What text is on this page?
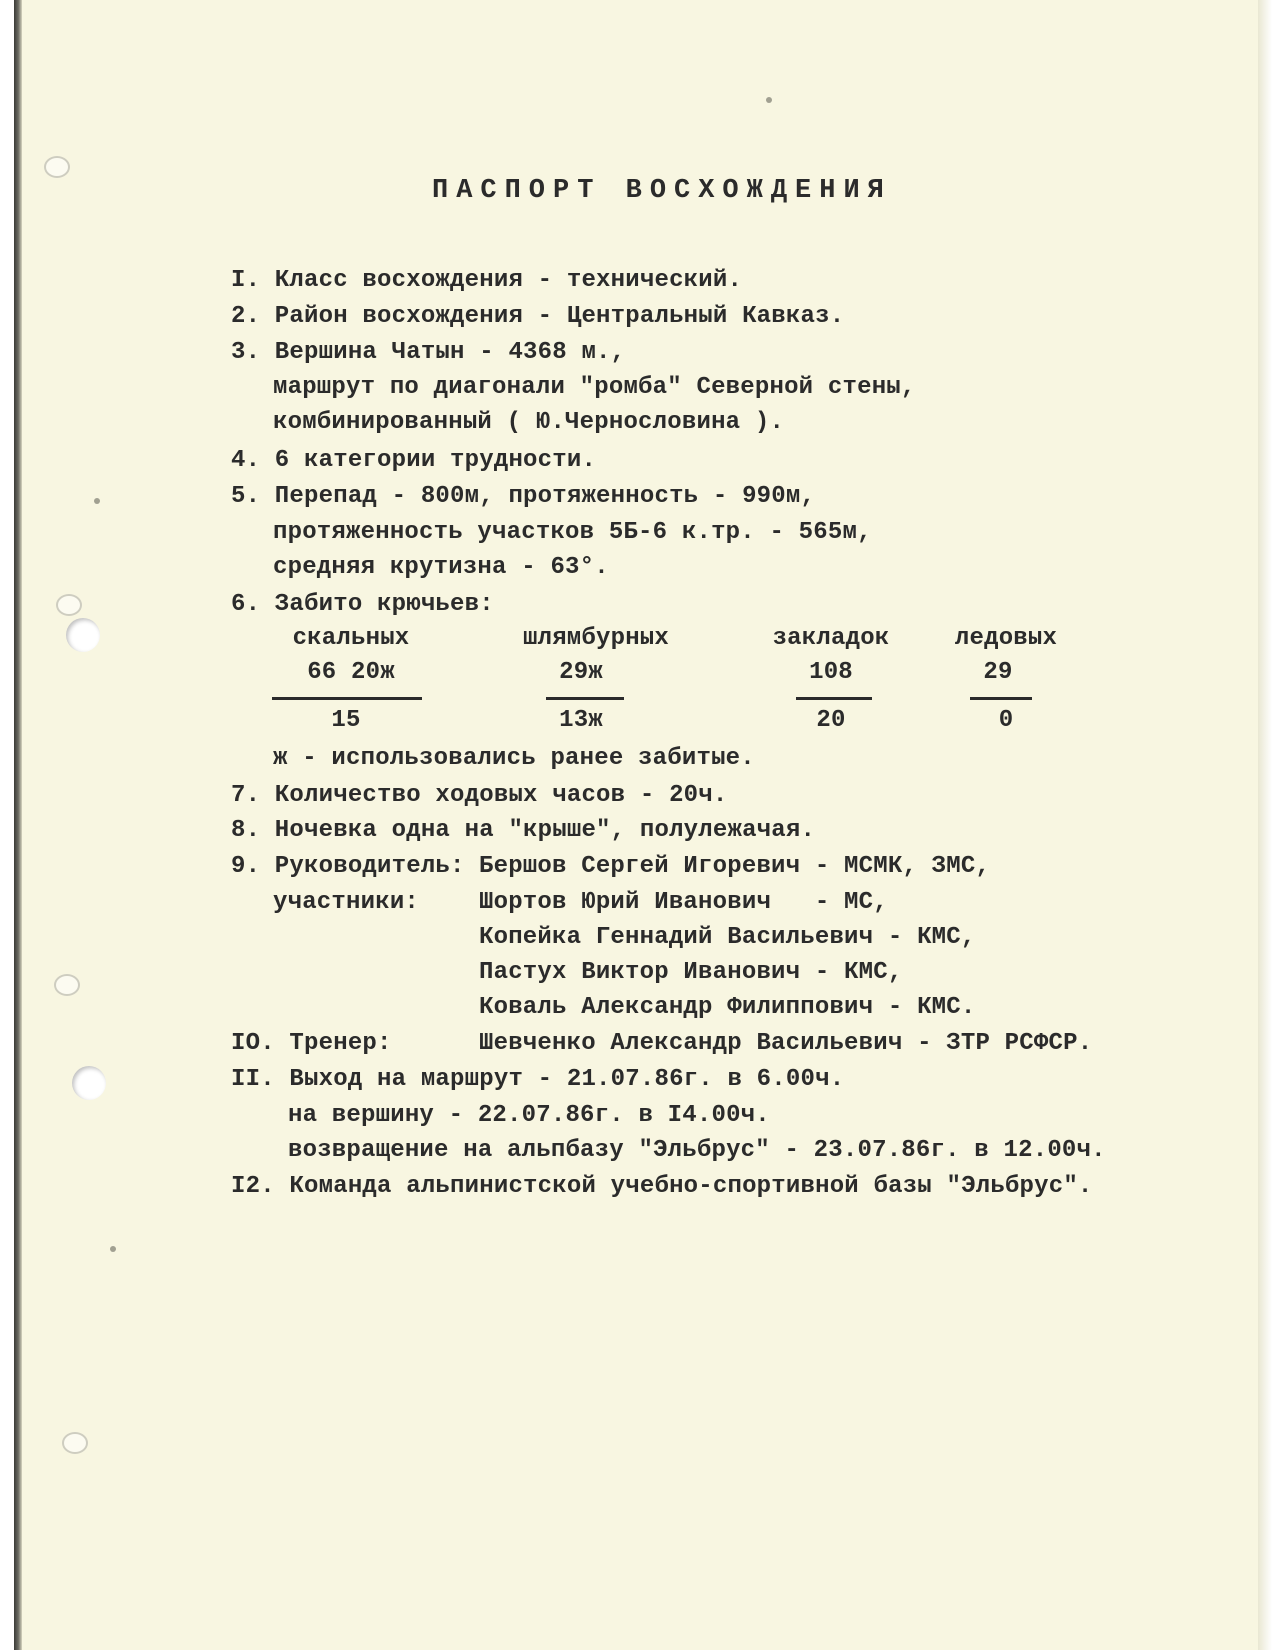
ПАСПОРТ ВОСХОЖДЕНИЯ
I. Класс восхождения - технический.
2. Район восхождения - Центральный Кавказ.
3. Вершина Чатын - 4368 м.,
маршрут по диагонали "ромба" Северной стены,
комбинированный ( Ю.Чернословина ).
4. 6 категории трудности.
5. Перепад - 800м, протяженность - 990м,
протяженность участков 5Б-6 к.тр. - 565м,
средняя крутизна - 63°.
6. Забито крючьев:
скальных
66 20ж
15
шлямбурных
29ж
13ж
закладок
108
20
ледовых
29
0
ж - использовались ранее забитые.
7. Количество ходовых часов - 20ч.
8. Ночевка одна на "крыше", полулежачая.
9. Руководитель: Бершов Сергей Игоревич - МСМК, ЗМС,
участники: Шортов Юрий Иванович   - МС,
Копейка Геннадий Васильевич - КМС,
Пастух Виктор Иванович - КМС,
Коваль Александр Филиппович - КМС.
IO. Тренер:	Шевченко Александр Васильевич - ЗТР РСФСР.
II. Выход на маршрут - 21.07.86г. в 6.00ч.
на вершину - 22.07.86г. в I4.00ч.
возвращение на альпбазу "Эльбрус" - 23.07.86г. в 12.00ч.
I2. Команда альпинистской учебно-спортивной базы "Эльбрус".
